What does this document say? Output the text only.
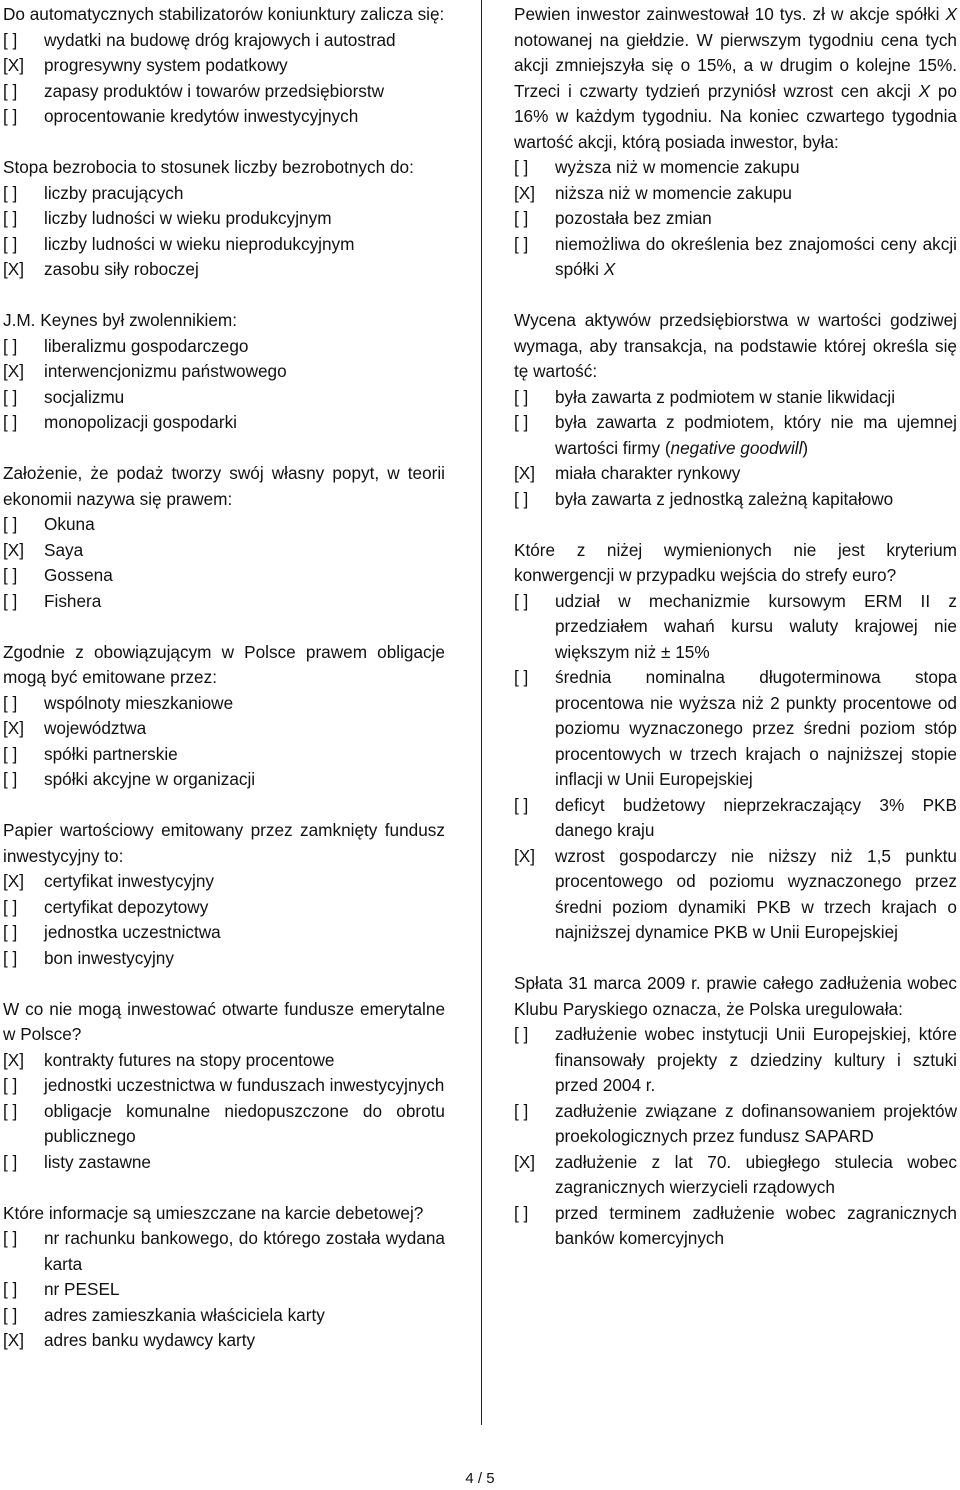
Do automatycznych stabilizatorów koniunktury zalicza się:
[ ]	wydatki na budowę dróg krajowych i autostrad
[X]	progresywny system podatkowy
[ ]	zapasy produktów i towarów przedsiębiorstw
[ ]	oprocentowanie kredytów inwestycyjnych
Stopa bezrobocia to stosunek liczby bezrobotnych do:
[ ]	liczby pracujących
[ ]	liczby ludności w wieku produkcyjnym
[ ]	liczby ludności w wieku nieprodukcyjnym
[X]	zasobu siły roboczej
J.M. Keynes był zwolennikiem:
[ ]	liberalizmu gospodarczego
[X]	interwencjonizmu państwowego
[ ]	socjalizmu
[ ]	monopolizacji gospodarki
Założenie, że podaż tworzy swój własny popyt, w teorii ekonomii nazywa się prawem:
[ ]	Okuna
[X]	Saya
[ ]	Gossena
[ ]	Fishera
Zgodnie z obowiązującym w Polsce prawem obligacje mogą być emitowane przez:
[ ]	wspólnoty mieszkaniowe
[X]	województwa
[ ]	spółki partnerskie
[ ]	spółki akcyjne w organizacji
Papier wartościowy emitowany przez zamknięty fundusz inwestycyjny to:
[X]	certyfikat inwestycyjny
[ ]	certyfikat depozytowy
[ ]	jednostka uczestnictwa
[ ]	bon inwestycyjny
W co nie mogą inwestować otwarte fundusze emerytalne w Polsce?
[X]	kontrakty futures na stopy procentowe
[ ]	jednostki uczestnictwa w funduszach inwestycyjnych
[ ]	obligacje komunalne niedopuszczone do obrotu publicznego
[ ]	listy zastawne
Które informacje są umieszczane na karcie debetowej?
[ ]	nr rachunku bankowego, do którego została wydana karta
[ ]	nr PESEL
[ ]	adres zamieszkania właściciela karty
[X]	adres banku wydawcy karty
Pewien inwestor zainwestował 10 tys. zł w akcje spółki X notowanej na giełdzie. W pierwszym tygodniu cena tych akcji zmniejszyła się o 15%, a w drugim o kolejne 15%. Trzeci i czwarty tydzień przyniósł wzrost cen akcji X po 16% w każdym tygodniu. Na koniec czwartego tygodnia wartość akcji, którą posiada inwestor, była:
[ ]	wyższa niż w momencie zakupu
[X]	niższa niż w momencie zakupu
[ ]	pozostała bez zmian
[ ]	niemożliwa do określenia bez znajomości ceny akcji spółki X
Wycena aktywów przedsiębiorstwa w wartości godziwej wymaga, aby transakcja, na podstawie której określa się tę wartość:
[ ]	była zawarta z podmiotem w stanie likwidacji
[ ]	była zawarta z podmiotem, który nie ma ujemnej wartości firmy (negative goodwill)
[X]	miała charakter rynkowy
[ ]	była zawarta z jednostką zależną kapitałowo
Które z niżej wymienionych nie jest kryterium konwergencji w przypadku wejścia do strefy euro?
[ ]	udział w mechanizmie kursowym ERM II z przedziałem wahań kursu waluty krajowej nie większym niż ± 15%
[ ]	średnia nominalna długoterminowa stopa procentowa nie wyższa niż 2 punkty procentowe od poziomu wyznaczonego przez średni poziom stóp procentowych w trzech krajach o najniższej stopie inflacji w Unii Europejskiej
[ ]	deficyt budżetowy nieprzekraczający 3% PKB danego kraju
[X]	wzrost gospodarczy nie niższy niż 1,5 punktu procentowego od poziomu wyznaczonego przez średni poziom dynamiki PKB w trzech krajach o najniższej dynamice PKB w Unii Europejskiej
Spłata 31 marca 2009 r. prawie całego zadłużenia wobec Klubu Paryskiego oznacza, że Polska uregulowała:
[ ]	zadłużenie wobec instytucji Unii Europejskiej, które finansowały projekty z dziedziny kultury i sztuki przed 2004 r.
[ ]	zadłużenie związane z dofinansowaniem projektów proekologicznych przez fundusz SAPARD
[X]	zadłużenie z lat 70. ubiegłego stulecia wobec zagranicznych wierzycieli rządowych
[ ]	przed terminem zadłużenie wobec zagranicznych banków komercyjnych
4 / 5
